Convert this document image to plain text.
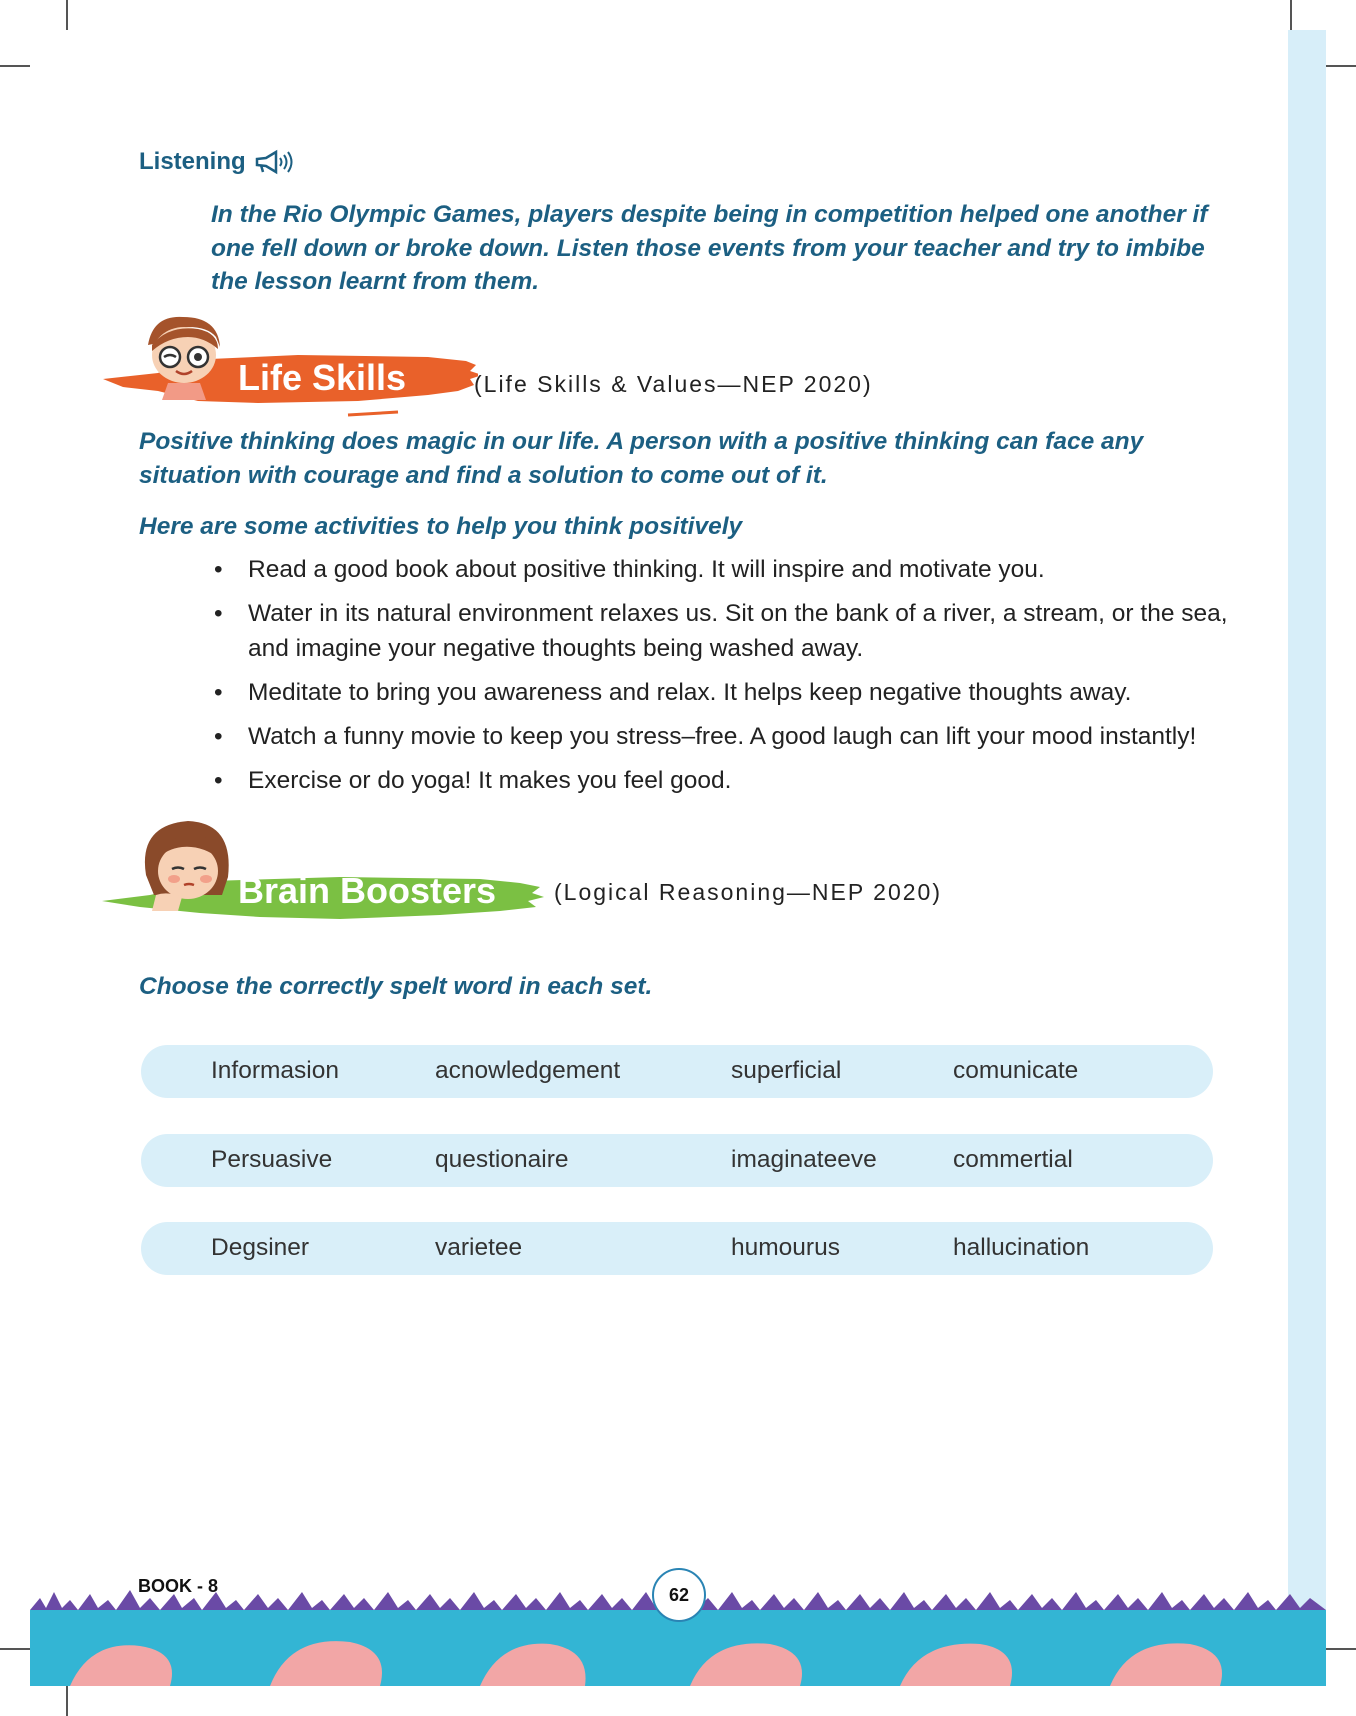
Listening
In the Rio Olympic Games, players despite being in competition helped one another if one fell down or broke down. Listen those events from your teacher and try to imbibe the lesson learnt from them.
Life Skills	(Life Skills & Values—NEP 2020)
Positive thinking does magic in our life. A person with a positive thinking can face any situation with courage and find a solution to come out of it.
Here are some activities to help you think positively
• Read a good book about positive thinking. It will inspire and motivate you.
• Water in its natural environment relaxes us. Sit on the bank of a river, a stream, or the sea, and imagine your negative thoughts being washed away.
• Meditate to bring you awareness and relax. It helps keep negative thoughts away.
• Watch a funny movie to keep you stress–free. A good laugh can lift your mood instantly!
• Exercise or do yoga! It makes you feel good.
Brain Boosters	(Logical Reasoning—NEP 2020)
Choose the correctly spelt word in each set.
Informasion	acnowledgement	superficial	comunicate
Persuasive	questionaire	imaginateeve	commertial
Degsiner	varietee	humourus	hallucination
BOOK - 8	62
